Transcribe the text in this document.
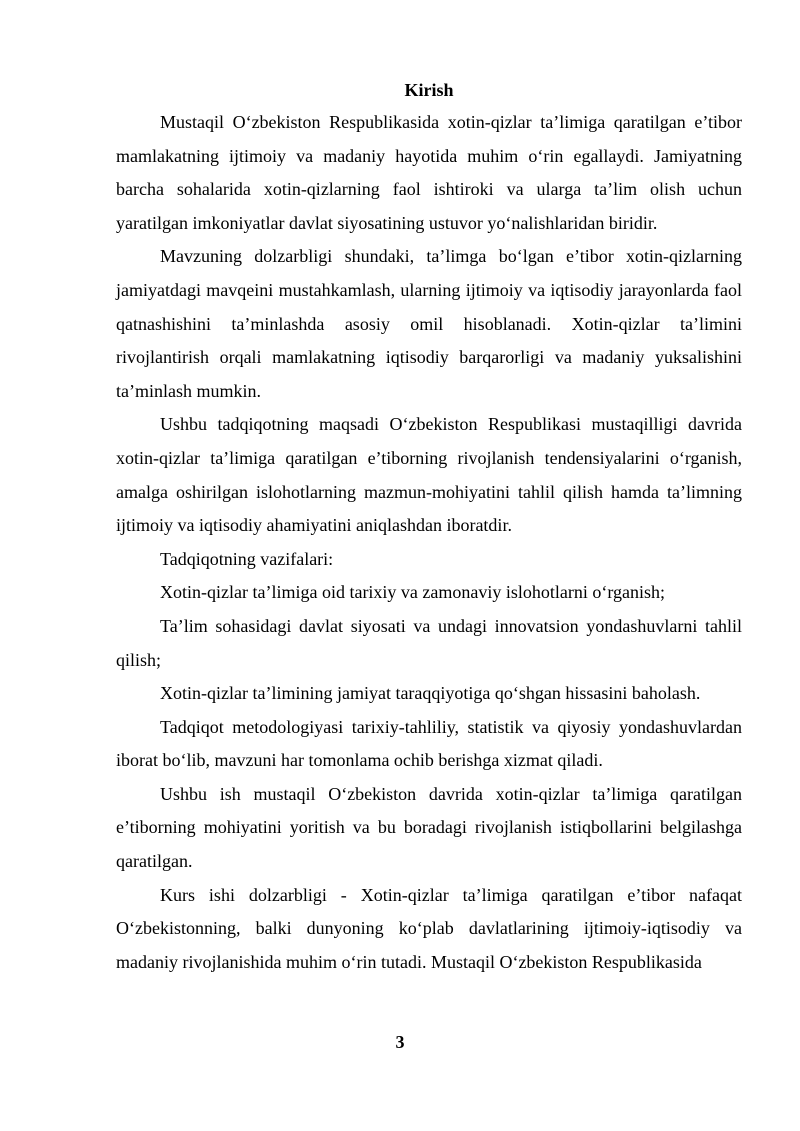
Kirish

Mustaqil O‘zbekiston Respublikasida xotin-qizlar ta’limiga qaratilgan e’tibor mamlakatning ijtimoiy va madaniy hayotida muhim o‘rin egallaydi. Jamiyatning barcha sohalarida xotin-qizlarning faol ishtiroki va ularga ta’lim olish uchun yaratilgan imkoniyatlar davlat siyosatining ustuvor yo‘nalishlaridan biridir.

Mavzuning dolzarbligi shundaki, ta’limga bo‘lgan e’tibor xotin-qizlarning jamiyatdagi mavqeini mustahkamlash, ularning ijtimoiy va iqtisodiy jarayonlarda faol qatnashishini ta’minlashda asosiy omil hisoblanadi. Xotin-qizlar ta’limini rivojlantirish orqali mamlakatning iqtisodiy barqarorligi va madaniy yuksalishini ta’minlash mumkin.

Ushbu tadqiqotning maqsadi O‘zbekiston Respublikasi mustaqilligi davrida xotin-qizlar ta’limiga qaratilgan e’tiborning rivojlanish tendensiyalarini o‘rganish, amalga oshirilgan islohotlarning mazmun-mohiyatini tahlil qilish hamda ta’limning ijtimoiy va iqtisodiy ahamiyatini aniqlashdan iboratdir.

Tadqiqotning vazifalari:

Xotin-qizlar ta’limiga oid tarixiy va zamonaviy islohotlarni o‘rganish;

Ta’lim sohasidagi davlat siyosati va undagi innovatsion yondashuvlarni tahlil qilish;

Xotin-qizlar ta’limining jamiyat taraqqiyotiga qo‘shgan hissasini baholash.

Tadqiqot metodologiyasi tarixiy-tahliliy, statistik va qiyosiy yondashuvlardan iborat bo‘lib, mavzuni har tomonlama ochib berishga xizmat qiladi.

Ushbu ish mustaqil O‘zbekiston davrida xotin-qizlar ta’limiga qaratilgan e’tiborning mohiyatini yoritish va bu boradagi rivojlanish istiqbollarini belgilashga qaratilgan.

Kurs ishi dolzarbligi - Xotin-qizlar ta’limiga qaratilgan e’tibor nafaqat O‘zbekistonning, balki dunyoning ko‘plab davlatlarining ijtimoiy-iqtisodiy va madaniy rivojlanishida muhim o‘rin tutadi. Mustaqil O‘zbekiston Respublikasida

3
